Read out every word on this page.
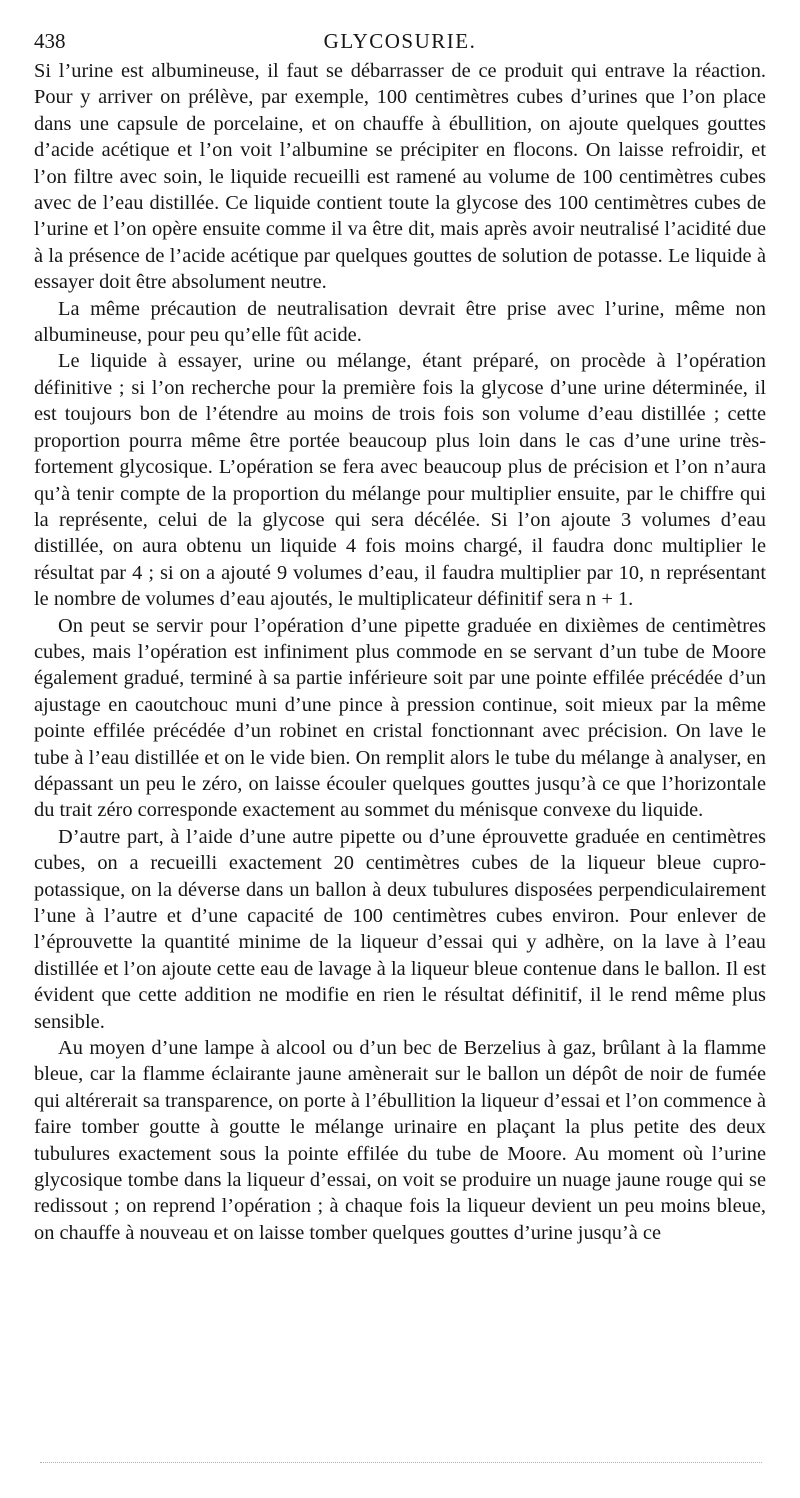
438	GLYCOSURIE.

Si l’urine est albumineuse, il faut se débarrasser de ce produit qui entrave la réaction. Pour y arriver on prélève, par exemple, 100 centimètres cubes d’urines que l’on place dans une capsule de porcelaine, et on chauffe à ébullition, on ajoute quelques gouttes d’acide acétique et l’on voit l’albumine se précipiter en flocons. On laisse refroidir, et l’on filtre avec soin, le liquide recueilli est ramené au volume de 100 centimètres cubes avec de l’eau distillée. Ce liquide contient toute la glycose des 100 centimètres cubes de l’urine et l’on opère ensuite comme il va être dit, mais après avoir neutralisé l’acidité due à la présence de l’acide acétique par quelques gouttes de solution de potasse. Le liquide à essayer doit être absolument neutre.

La même précaution de neutralisation devrait être prise avec l’urine, même non albumineuse, pour peu qu’elle fût acide.

Le liquide à essayer, urine ou mélange, étant préparé, on procède à l’opération définitive ; si l’on recherche pour la première fois la glycose d’une urine déterminée, il est toujours bon de l’étendre au moins de trois fois son volume d’eau distillée ; cette proportion pourra même être portée beaucoup plus loin dans le cas d’une urine très-fortement glycosique. L’opération se fera avec beaucoup plus de précision et l’on n’aura qu’à tenir compte de la proportion du mélange pour multiplier ensuite, par le chiffre qui la représente, celui de la glycose qui sera décélée. Si l’on ajoute 3 volumes d’eau distillée, on aura obtenu un liquide 4 fois moins chargé, il faudra donc multiplier le résultat par 4 ; si on a ajouté 9 volumes d’eau, il faudra multiplier par 10, n représentant le nombre de volumes d’eau ajoutés, le multiplicateur définitif sera n + 1.

On peut se servir pour l’opération d’une pipette graduée en dixièmes de centimètres cubes, mais l’opération est infiniment plus commode en se servant d’un tube de Moore également gradué, terminé à sa partie inférieure soit par une pointe effilée précédée d’un ajustage en caoutchouc muni d’une pince à pression continue, soit mieux par la même pointe effilée précédée d’un robinet en cristal fonctionnant avec précision. On lave le tube à l’eau distillée et on le vide bien. On remplit alors le tube du mélange à analyser, en dépassant un peu le zéro, on laisse écouler quelques gouttes jusqu’à ce que l’horizontale du trait zéro corresponde exactement au sommet du ménisque convexe du liquide.

D’autre part, à l’aide d’une autre pipette ou d’une éprouvette graduée en centimètres cubes, on a recueilli exactement 20 centimètres cubes de la liqueur bleue cupro-potassique, on la déverse dans un ballon à deux tubulures disposées perpendiculairement l’une à l’autre et d’une capacité de 100 centimètres cubes environ. Pour enlever de l’éprouvette la quantité minime de la liqueur d’essai qui y adhère, on la lave à l’eau distillée et l’on ajoute cette eau de lavage à la liqueur bleue contenue dans le ballon. Il est évident que cette addition ne modifie en rien le résultat définitif, il le rend même plus sensible.

Au moyen d’une lampe à alcool ou d’un bec de Berzelius à gaz, brûlant à la flamme bleue, car la flamme éclairante jaune amènerait sur le ballon un dépôt de noir de fumée qui altérerait sa transparence, on porte à l’ébullition la liqueur d’essai et l’on commence à faire tomber goutte à goutte le mélange urinaire en plaçant la plus petite des deux tubulures exactement sous la pointe effilée du tube de Moore. Au moment où l’urine glycosique tombe dans la liqueur d’essai, on voit se produire un nuage jaune rouge qui se redissout ; on reprend l’opération ; à chaque fois la liqueur devient un peu moins bleue, on chauffe à nouveau et on laisse tomber quelques gouttes d’urine jusqu’à ce
